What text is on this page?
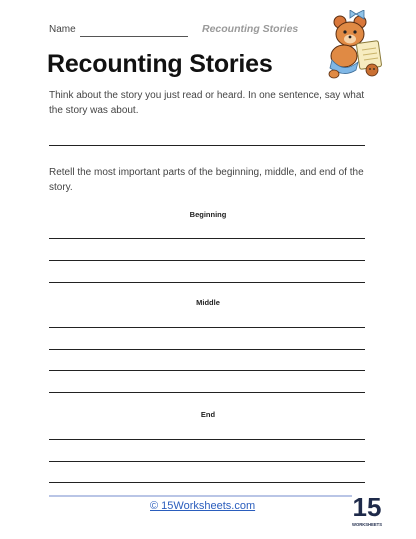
Name	Recounting Stories
Recounting Stories
Think about the story you just read or heard. In one sentence, say what the story was about.
Retell the most important parts of the beginning, middle, and end of the story.
Beginning
Middle
End
© 15Worksheets.com	15
WORKSHEETS
